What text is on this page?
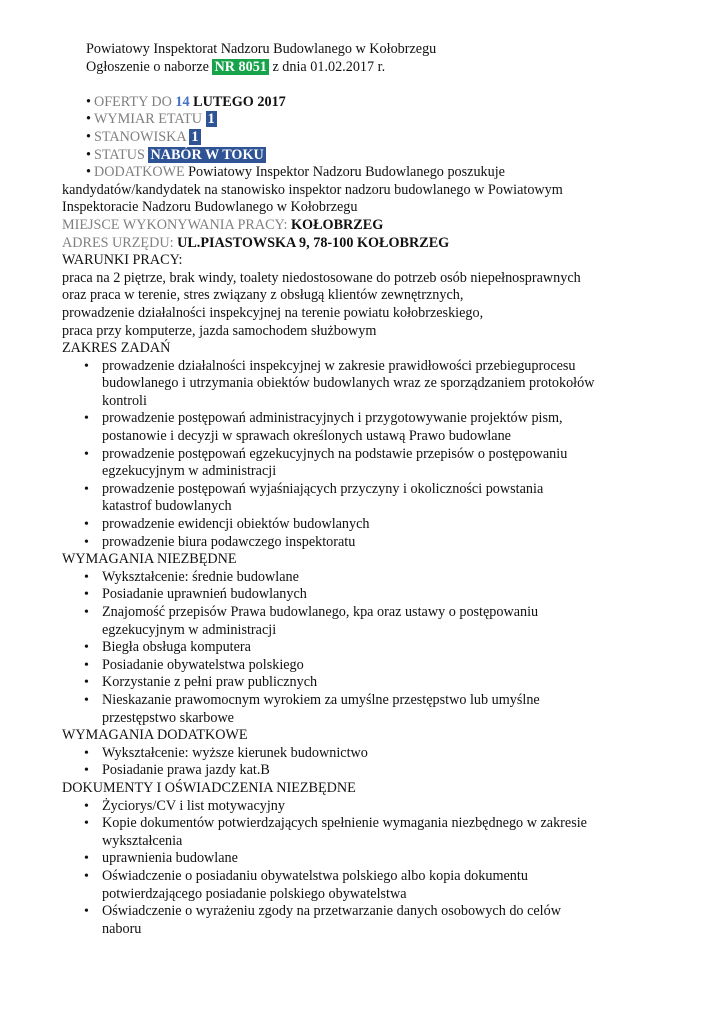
Powiatowy Inspektorat Nadzoru Budowlanego w Kołobrzegu
Ogłoszenie o naborze NR 8051 z dnia 01.02.2017 r.
• OFERTY DO 14 LUTEGO 2017
• WYMIAR ETATU 1
• STANOWISKA 1
• STATUS NABÓR W TOKU
• DODATKOWE Powiatowy Inspektor Nadzoru Budowlanego poszukuje
kandydatów/kandydatek na stanowisko inspektor nadzoru budowlanego w Powiatowym
Inspektoracie Nadzoru Budowlanego w Kołobrzegu
MIEJSCE WYKONYWANIA PRACY: KOŁOBRZEG
ADRES URZĘDU: UL.PIASTOWSKA 9, 78-100 KOŁOBRZEG
WARUNKI PRACY:
praca na 2 piętrze, brak windy, toalety niedostosowane do potrzeb osób niepełnosprawnych
oraz praca w terenie, stres związany z obsługą klientów zewnętrznych,
prowadzenie działalności inspekcyjnej na terenie powiatu kołobrzeskiego,
praca przy komputerze, jazda samochodem służbowym
ZAKRES ZADAŃ
• prowadzenie działalności inspekcyjnej w zakresie prawidłowości przebieguprocesu
budowlanego i utrzymania obiektów budowlanych wraz ze sporządzaniem protokołów
kontroli
• prowadzenie postępowań administracyjnych i przygotowywanie projektów pism,
postanowie i decyzji w sprawach określonych ustawą Prawo budowlane
• prowadzenie postępowań egzekucyjnych na podstawie przepisów o postępowaniu
egzekucyjnym w administracji
• prowadzenie postępowań wyjaśniających przyczyny i okoliczności powstania
katastrof budowlanych
• prowadzenie ewidencji obiektów budowlanych
• prowadzenie biura podawczego inspektoratu
WYMAGANIA NIEZBĘDNE
• Wykształcenie: średnie budowlane
• Posiadanie uprawnień budowlanych
• Znajomość przepisów Prawa budowlanego, kpa oraz ustawy o postępowaniu
egzekucyjnym w administracji
• Biegła obsługa komputera
• Posiadanie obywatelstwa polskiego
• Korzystanie z pełni praw publicznych
• Nieskazanie prawomocnym wyrokiem za umyślne przestępstwo lub umyślne
przestępstwo skarbowe
WYMAGANIA DODATKOWE
• Wykształcenie: wyższe kierunek budownictwo
• Posiadanie prawa jazdy kat.B
DOKUMENTY I OŚWIADCZENIA NIEZBĘDNE
• Życiorys/CV i list motywacyjny
• Kopie dokumentów potwierdzających spełnienie wymagania niezbędnego w zakresie
wykształcenia
• uprawnienia budowlane
• Oświadczenie o posiadaniu obywatelstwa polskiego albo kopia dokumentu
potwierdzającego posiadanie polskiego obywatelstwa
• Oświadczenie o wyrażeniu zgody na przetwarzanie danych osobowych do celów
naboru
